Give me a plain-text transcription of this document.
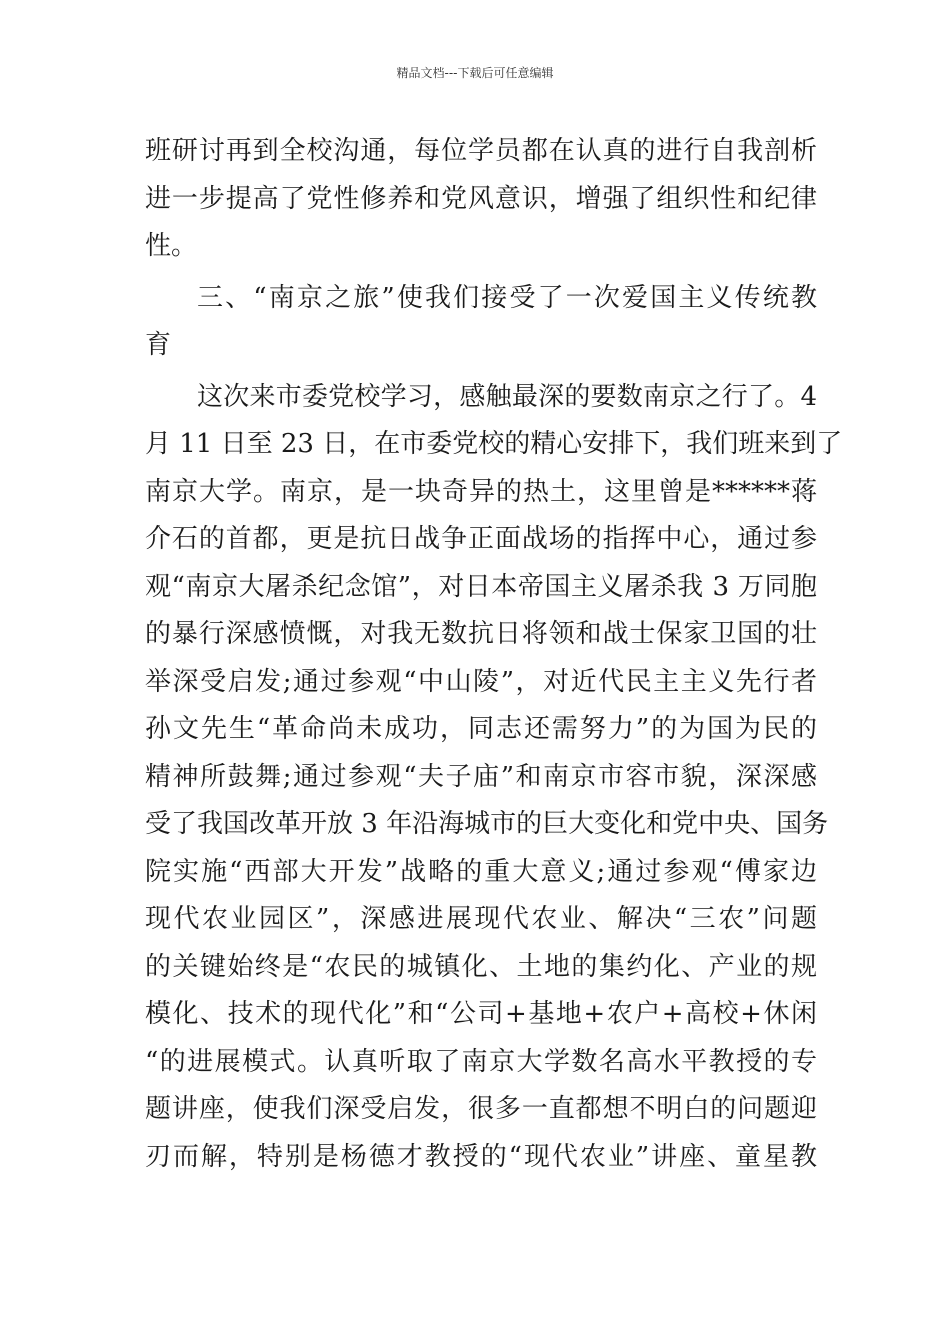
精品文档---下载后可任意编辑
班研讨再到全校沟通，每位学员都在认真的进行自我剖析
进一步提高了党性修养和党风意识，增强了组织性和纪律
性。
三、“南京之旅”使我们接受了一次爱国主义传统教
育
这次来市委党校学习，感触最深的要数南京之行了。4
月 11 日至 23 日，在市委党校的精心安排下，我们班来到了
南京大学。南京，是一块奇异的热土，这里曾是******蒋
介石的首都，更是抗日战争正面战场的指挥中心，通过参
观“南京大屠杀纪念馆”，对日本帝国主义屠杀我 3 万同胞
的暴行深感愤慨，对我无数抗日将领和战士保家卫国的壮
举深受启发;通过参观“中山陵”，对近代民主主义先行者
孙文先生“革命尚未成功，同志还需努力”的为国为民的
精神所鼓舞;通过参观“夫子庙”和南京市容市貌，深深感
受了我国改革开放 3 年沿海城市的巨大变化和党中央、国务
院实施“西部大开发”战略的重大意义;通过参观“傅家边
现代农业园区”，深感进展现代农业、解决“三农”问题
的关键始终是“农民的城镇化、土地的集约化、产业的规
模化、技术的现代化”和“公司+基地+农户+高校+休闲
“的进展模式。认真听取了南京大学数名高水平教授的专
题讲座，使我们深受启发，很多一直都想不明白的问题迎
刃而解，特别是杨德才教授的“现代农业”讲座、童星教
